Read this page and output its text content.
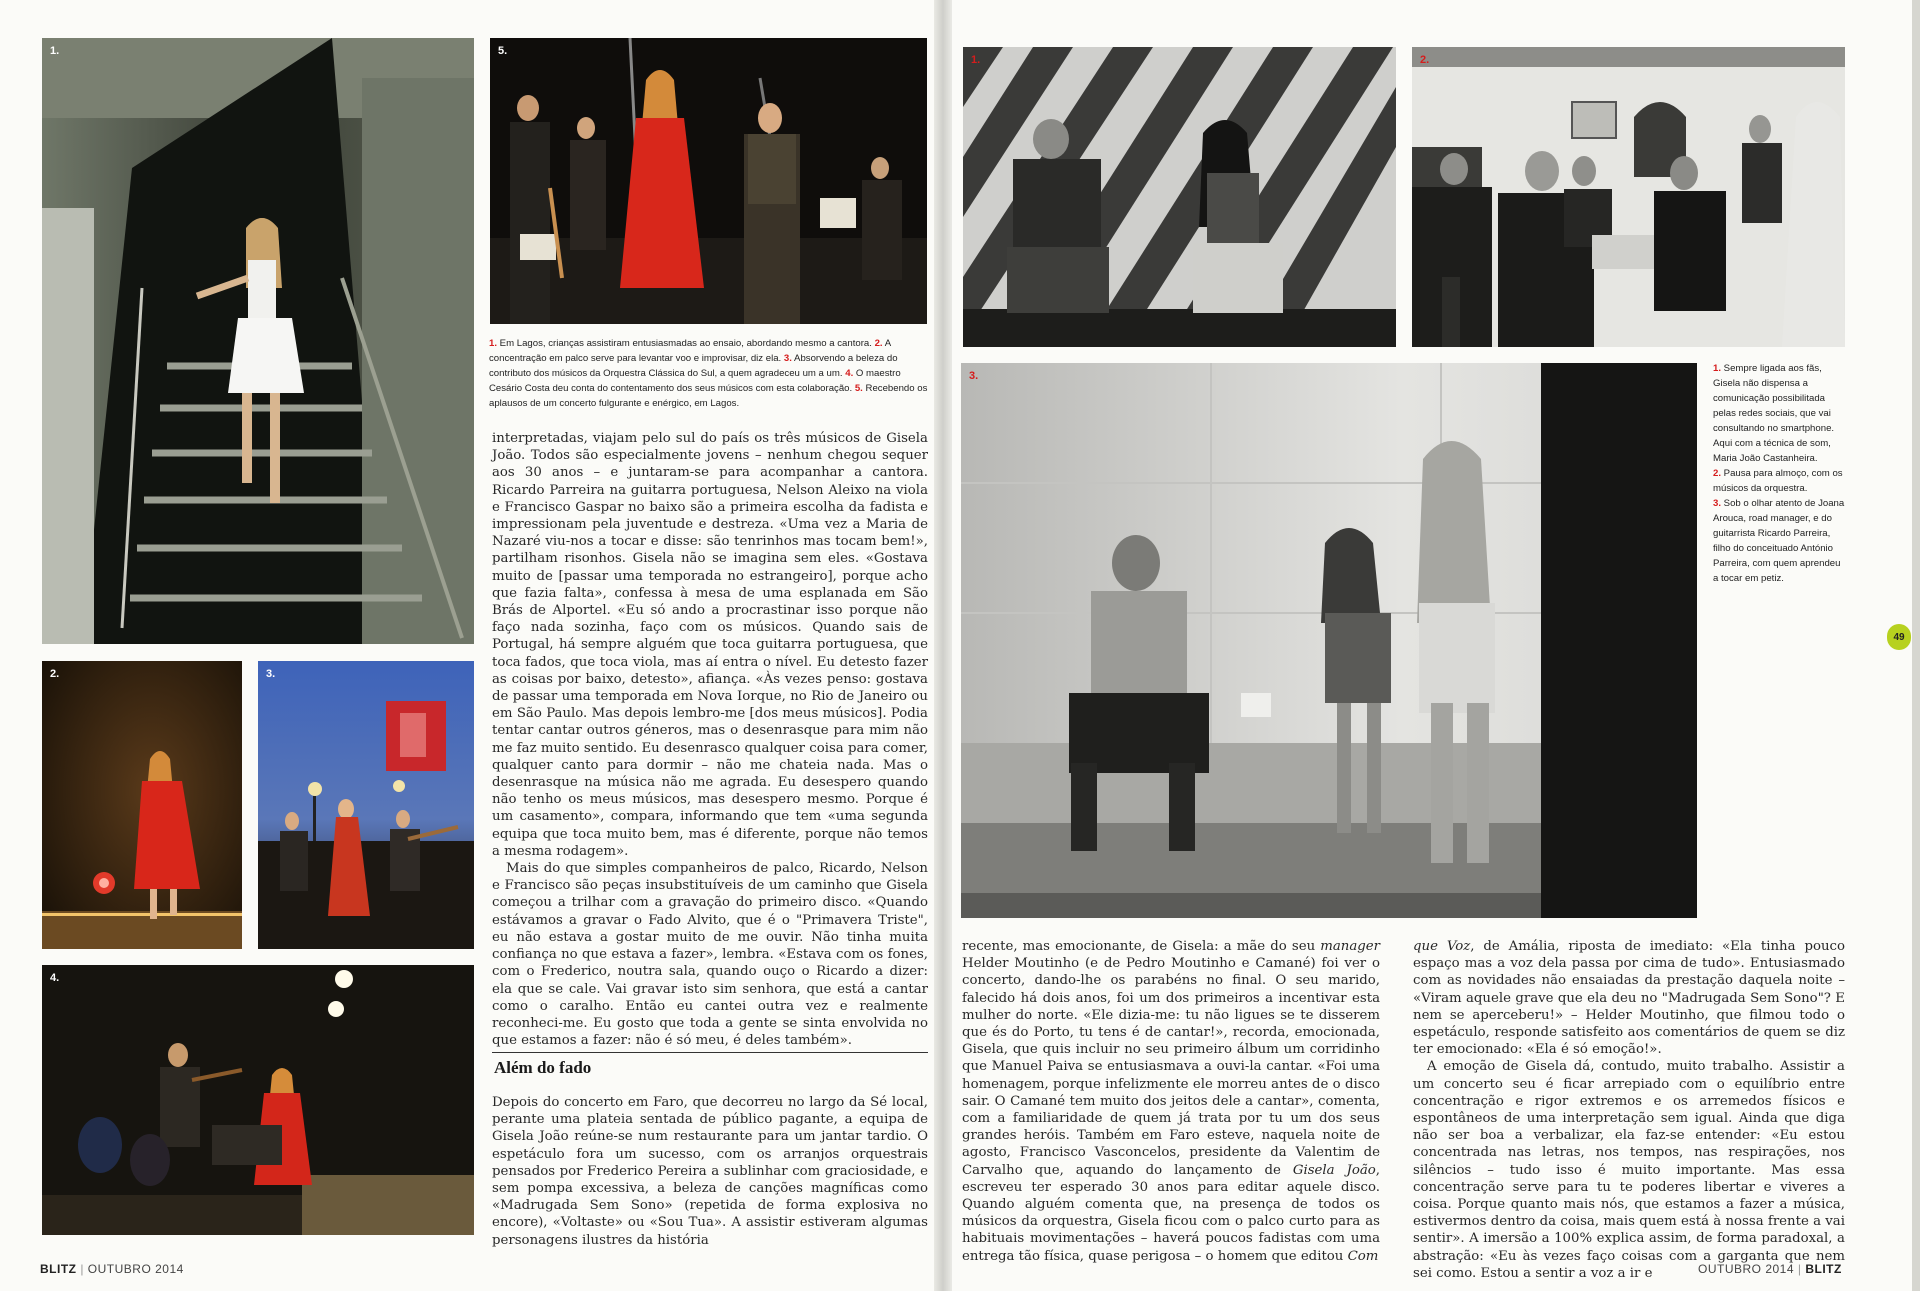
1.
2.	3.
4.
5.
1. Em Lagos, crianças assistiram entusiasmadas ao ensaio, abordando mesmo a cantora. 2. A concentração em palco serve para levantar voo e improvisar, diz ela. 3. Absorvendo a beleza do contributo dos músicos da Orquestra Clássica do Sul, a quem agradeceu um a um. 4. O maestro Cesário Costa deu conta do contentamento dos seus músicos com esta colaboração. 5. Recebendo os aplausos de um concerto fulgurante e enérgico, em Lagos.

interpretadas, viajam pelo sul do país os três músicos de Gisela João. Todos são especialmente jovens – nenhum chegou sequer aos 30 anos – e juntaram-se para acompanhar a cantora. Ricardo Parreira na guitarra portuguesa, Nelson Aleixo na viola e Francisco Gaspar no baixo são a primeira escolha da fadista e impressionam pela juventude e destreza. «Uma vez a Maria de Nazaré viu-nos a tocar e disse: são tenrinhos mas tocam bem!», partilham risonhos. Gisela não se imagina sem eles. «Gostava muito de [passar uma temporada no estrangeiro], porque acho que fazia falta», confessa à mesa de uma esplanada em São Brás de Alportel. «Eu só ando a procrastinar isso porque não faço nada sozinha, faço com os músicos. Quando sais de Portugal, há sempre alguém que toca guitarra portuguesa, que toca fados, que toca viola, mas aí entra o nível. Eu detesto fazer as coisas por baixo, detesto», afiança. «Às vezes penso: gostava de passar uma temporada em Nova Iorque, no Rio de Janeiro ou em São Paulo. Mas depois lembro-me [dos meus músicos]. Podia tentar cantar outros géneros, mas o desenrasque para mim não me faz muito sentido. Eu desenrasco qualquer coisa para comer, qualquer canto para dormir – não me chateia nada. Mas o desenrasque na música não me agrada. Eu desespero quando não tenho os meus músicos, mas desespero mesmo. Porque é um casamento», compara, informando que tem «uma segunda equipa que toca muito bem, mas é diferente, porque não temos a mesma rodagem».

Mais do que simples companheiros de palco, Ricardo, Nelson e Francisco são peças insubstituíveis de um caminho que Gisela começou a trilhar com a gravação do primeiro disco. «Quando estávamos a gravar o Fado Alvito, que é o "Primavera Triste", eu não estava a gostar muito de me ouvir. Não tinha muita confiança no que estava a fazer», lembra. «Estava com os fones, com o Frederico, noutra sala, quando ouço o Ricardo a dizer: ela que se cale. Vai gravar isto sim senhora, que está a cantar como o caralho. Então eu cantei outra vez e realmente reconheci-me. Eu gosto que toda a gente se sinta envolvida no que estamos a fazer: não é só meu, é deles também».

Além do fado

Depois do concerto em Faro, que decorreu no largo da Sé local, perante uma plateia sentada de público pagante, a equipa de Gisela João reúne-se num restaurante para um jantar tardio. O espetáculo fora um sucesso, com os arranjos orquestrais pensados por Frederico Pereira a sublinhar com graciosidade, e sem pompa excessiva, a beleza de canções magníficas como «Madrugada Sem Sono» (repetida de forma explosiva no encore), «Voltaste» ou «Sou Tua». A assistir estiveram algumas personagens ilustres da história

BLITZ | OUTUBRO 2014
1.	2.
3.
1. Sempre ligada aos fãs, Gisela não dispensa a comunicação possibilitada pelas redes sociais, que vai consultando no smartphone. Aqui com a técnica de som, Maria João Castanheira.
2. Pausa para almoço, com os músicos da orquestra.
3. Sob o olhar atento de Joana Arouca, road manager, e do guitarrista Ricardo Parreira, filho do conceituado António Parreira, com quem aprendeu a tocar em petiz.

recente, mas emocionante, de Gisela: a mãe do seu manager Helder Moutinho (e de Pedro Moutinho e Camané) foi ver o concerto, dando-lhe os parabéns no final. O seu marido, falecido há dois anos, foi um dos primeiros a incentivar esta mulher do norte. «Ele dizia-me: tu não ligues se te disserem que és do Porto, tu tens é de cantar!», recorda, emocionada, Gisela, que quis incluir no seu primeiro álbum um corridinho que Manuel Paiva se entusiasmava a ouvi-la cantar. «Foi uma homenagem, porque infelizmente ele morreu antes de o disco sair. O Camané tem muito dos jeitos dele a cantar», comenta, com a familiaridade de quem já trata por tu um dos seus grandes heróis. Também em Faro esteve, naquela noite de agosto, Francisco Vasconcelos, presidente da Valentim de Carvalho que, aquando do lançamento de Gisela João, escreveu ter esperado 30 anos para editar aquele disco. Quando alguém comenta que, na presença de todos os músicos da orquestra, Gisela ficou com o palco curto para as habituais movimentações – haverá poucos fadistas com uma entrega tão física, quase perigosa – o homem que editou Com

que Voz, de Amália, riposta de imediato: «Ela tinha pouco espaço mas a voz dela passa por cima de tudo». Entusiasmado com as novidades não ensaiadas da prestação daquela noite – «Viram aquele grave que ela deu no "Madrugada Sem Sono"? E nem se aperceberu!» – Helder Moutinho, que filmou todo o espetáculo, responde satisfeito aos comentários de quem se diz ter emocionado: «Ela é só emoção!».

A emoção de Gisela dá, contudo, muito trabalho. Assistir a um concerto seu é ficar arrepiado com o equilíbrio entre concentração e rigor extremos e os arremedos físicos e espontâneos de uma interpretação sem igual. Ainda que diga não ser boa a verbalizar, ela faz-se entender: «Eu estou concentrada nas letras, nos tempos, nas respirações, nos silêncios – tudo isso é muito importante. Mas essa concentração serve para tu te poderes libertar e viveres a coisa. Porque quanto mais nós, que estamos a fazer a música, estivermos dentro da coisa, mais quem está à nossa frente a vai sentir». A imersão a 100% explica assim, de forma paradoxal, a abstração: «Eu às vezes faço coisas com a garganta que nem sei como. Estou a sentir a voz a ir e	OUTUBRO 2014 | BLITZ
49
